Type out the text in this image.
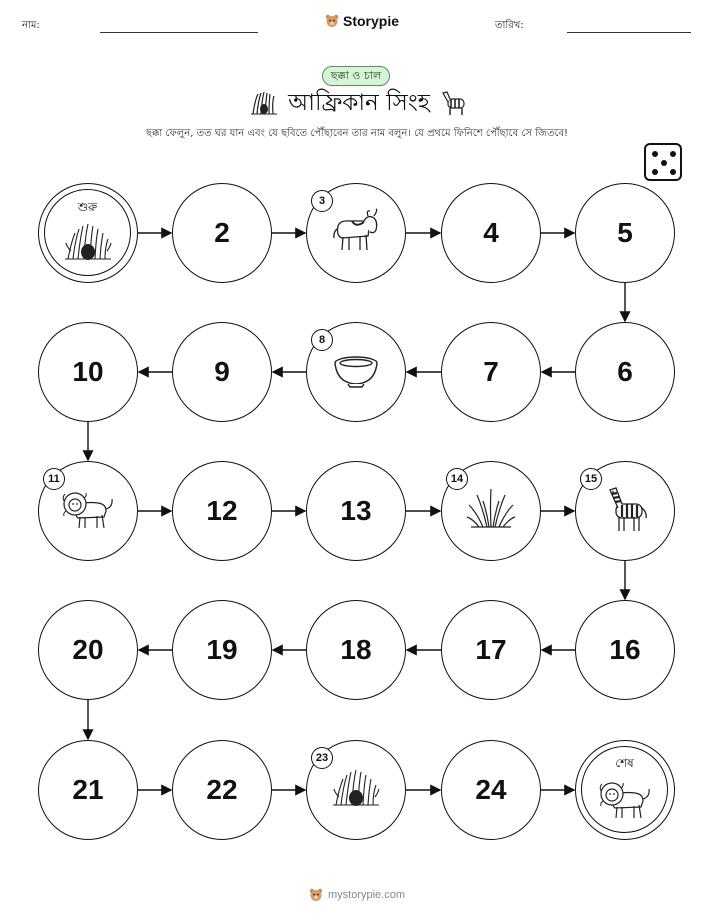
নাম:	Storypie	তারিখ:
ছক্কা ও চাল
আফ্রিকান সিংহ
ছক্কা ফেলুন, তত ঘর যান এবং যে ছবিতে পৌঁছাবেন তার নাম বলুন। যে প্রথমে ফিনিশে পৌঁছাবে সে জিতবে!
শুরু
2
3
4	5
10	9
8
7	6
11
12	13
14	15
20	19	18	17	16
21	22
23
24
শেষ
mystorypie.com
